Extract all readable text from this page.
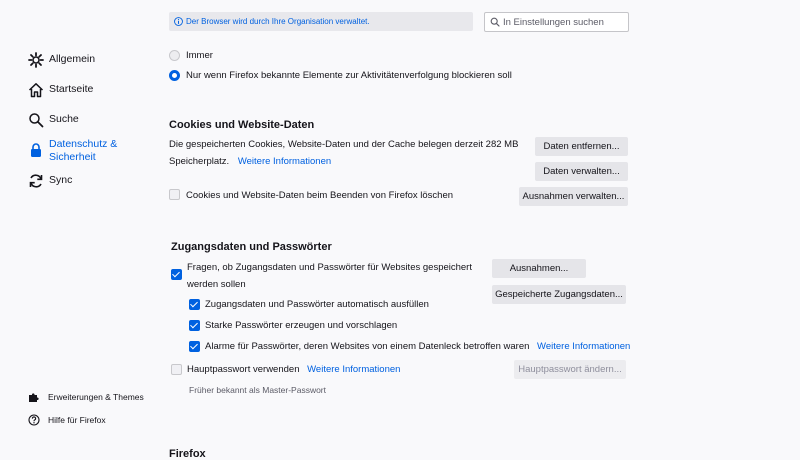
Allgemein
Startseite
Suche
Datenschutz &
Sicherheit
Sync
Erweiterungen & Themes
Hilfe für Firefox
Der Browser wird durch Ihre Organisation verwaltet.
In Einstellungen suchen
Immer
Nur wenn Firefox bekannte Elemente zur Aktivitätenverfolgung blockieren soll
Cookies und Website-Daten
Die gespeicherten Cookies, Website-Daten und der Cache belegen derzeit 282 MB
Speicherplatz. Weitere Informationen
Daten entfernen...
Daten verwalten...
Ausnahmen verwalten...
Cookies und Website-Daten beim Beenden von Firefox löschen
Zugangsdaten und Passwörter
Fragen, ob Zugangsdaten und Passwörter für Websites gespeichert
werden sollen
Ausnahmen...
Gespeicherte Zugangsdaten...
Zugangsdaten und Passwörter automatisch ausfüllen
Starke Passwörter erzeugen und vorschlagen
Alarme für Passwörter, deren Websites von einem Datenleck betroffen waren Weitere Informationen
Hauptpasswort verwenden Weitere Informationen	Hauptpasswort ändern...
Früher bekannt als Master-Passwort
Firefox
